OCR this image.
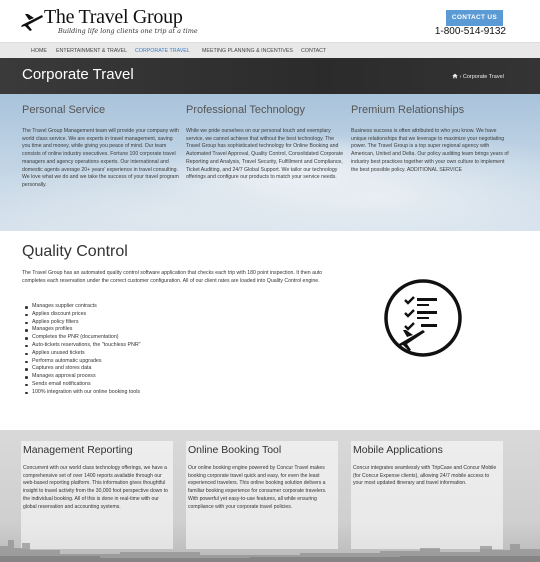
The Travel Group
Building life long clients one trip at a time
CONTACT US
1-800-514-9132
HOME ENTERTAINMENT & TRAVEL CORPORATE TRAVEL MEETING PLANNING & INCENTIVES CONTACT
Corporate Travel	› Corporate Travel
Personal Service

The Travel Group Management team will provide your company with world class service. We are experts in travel management, saving you time and money, while giving you peace of mind. Our team consists of online industry executives. Fortune 100 corporate travel managers and agency operations experts. Our international and domestic agents average 20+ years' experience in travel consulting. We love what we do and we take the success of your travel program personally.

Professional Technology

While we pride ourselves on our personal touch and exemplary service, we cannot achieve that without the best technology. The Travel Group has sophisticated technology for Online Booking and Automated Travel Approval, Quality Control, Consolidated Corporate Reporting and Analysis, Travel Security, Fulfillment and Compliance, Ticket Auditing, and 24/7 Global Support. We tailor our technology offerings and configure our products to match your service needs.

Premium Relationships

Business success is often attributed to who you know. We have unique relationships that we leverage to maximize your negotiating power. The Travel Group is a top super regional agency with American, United and Delta. Our policy auditing team brings years of industry best practices together with your own culture to implement the best possible policy. ADDITIONAL SERVICE

Quality Control
The Travel Group has an automated quality control software application that checks each trip with 180 point inspection. It then auto completes each reservation under the correct customer configuration. All of our client rates are loaded into Quality Control engine.
Manages supplier contracts
Applies discount prices
Applies policy filters
Manages profiles
Completes the PNR (documentation)
Auto-tickets reservations, the "touchless PNR"
Applies unused tickets
Performs automatic upgrades
Captures and stores data
Manages approval process
Sends email notifications
100% integration with our online booking tools
Management Reporting

Concurrent with our world class technology offerings, we have a comprehensive set of over 1400 reports available through our web-based reporting platform. This information gives thoughtful insight to travel activity from the 30,000 foot perspective down to the individual booking. All of this is done in real-time with our global reservation and accounting systems.

Online Booking Tool

Our online booking engine powered by Concur Travel makes booking corporate travel quick and easy, for even the least experienced travelers. This online booking solution delivers a familiar booking experience for consumer corporate travelers. With powerful yet easy-to-use features, all while ensuring compliance with your corporate travel policies.

Mobile Applications

Concur integrates seamlessly with TripCase and Concur Mobile (for Concur Expense clients), allowing 24/7 mobile access to your most updated itinerary and travel information.
